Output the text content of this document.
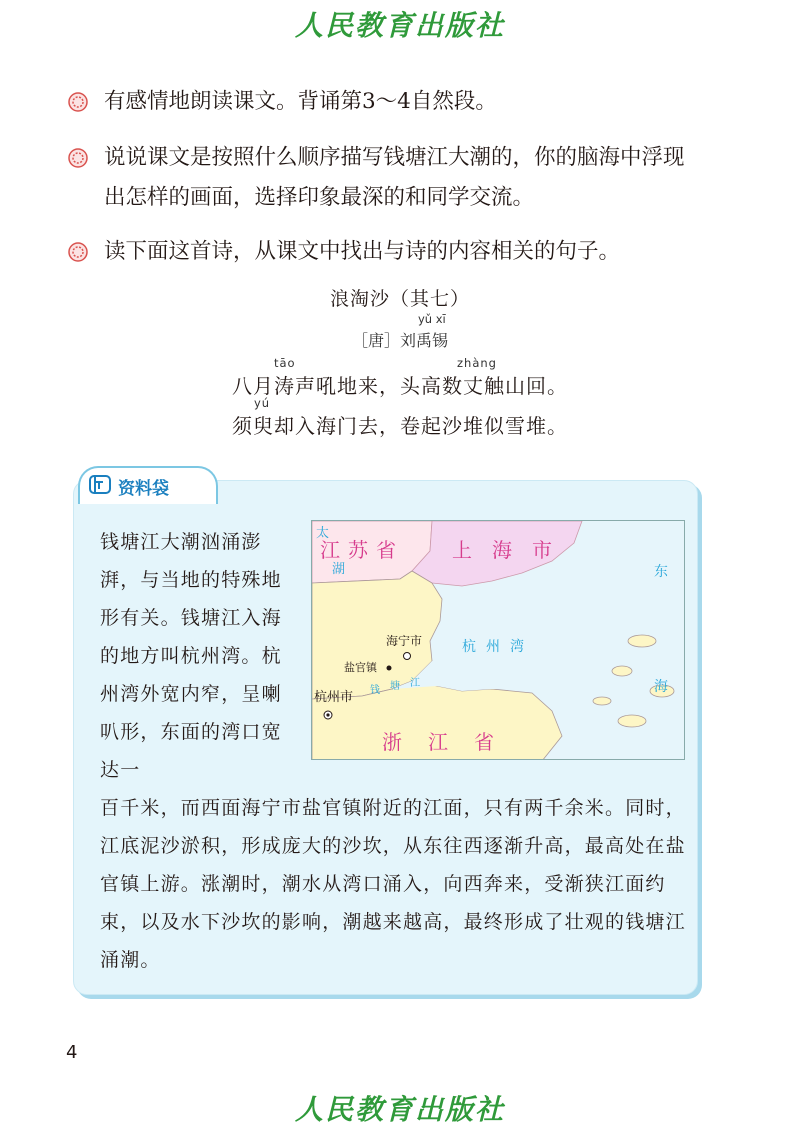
人民教育出版社
有感情地朗读课文。背诵第3～4自然段。
说说课文是按照什么顺序描写钱塘江大潮的，你的脑海中浮现
出怎样的画面，选择印象最深的和同学交流。
读下面这首诗，从课文中找出与诗的内容相关的句子。
浪淘沙（其七）
［唐］刘
yǔ xī
禹锡
八月
tāo
涛声吼地来，头高数
zhàng
丈触山回。
须
yú
臾却入海门去，卷起沙堆似雪堆。
资料袋
钱塘江大潮汹涌澎湃，与当地的特殊地形有关。钱塘江入海的地方叫杭州湾。杭州湾外宽内窄，呈喇叭形，东面的湾口宽达一
太
湖
江苏省 上海市
东
海
杭州湾
海宁市
盐官镇
钱 塘 江
杭州市
浙江省
百千米，而西面海宁市盐官镇附近的江面，只有两千余米。同时，江底泥沙淤积，形成庞大的沙坎，从东往西逐渐升高，最高处在盐官镇上游。涨潮时，潮水从湾口涌入，向西奔来，受渐狭江面约束，以及水下沙坎的影响，潮越来越高，最终形成了壮观的钱塘江涌潮。
4
人民教育出版社
